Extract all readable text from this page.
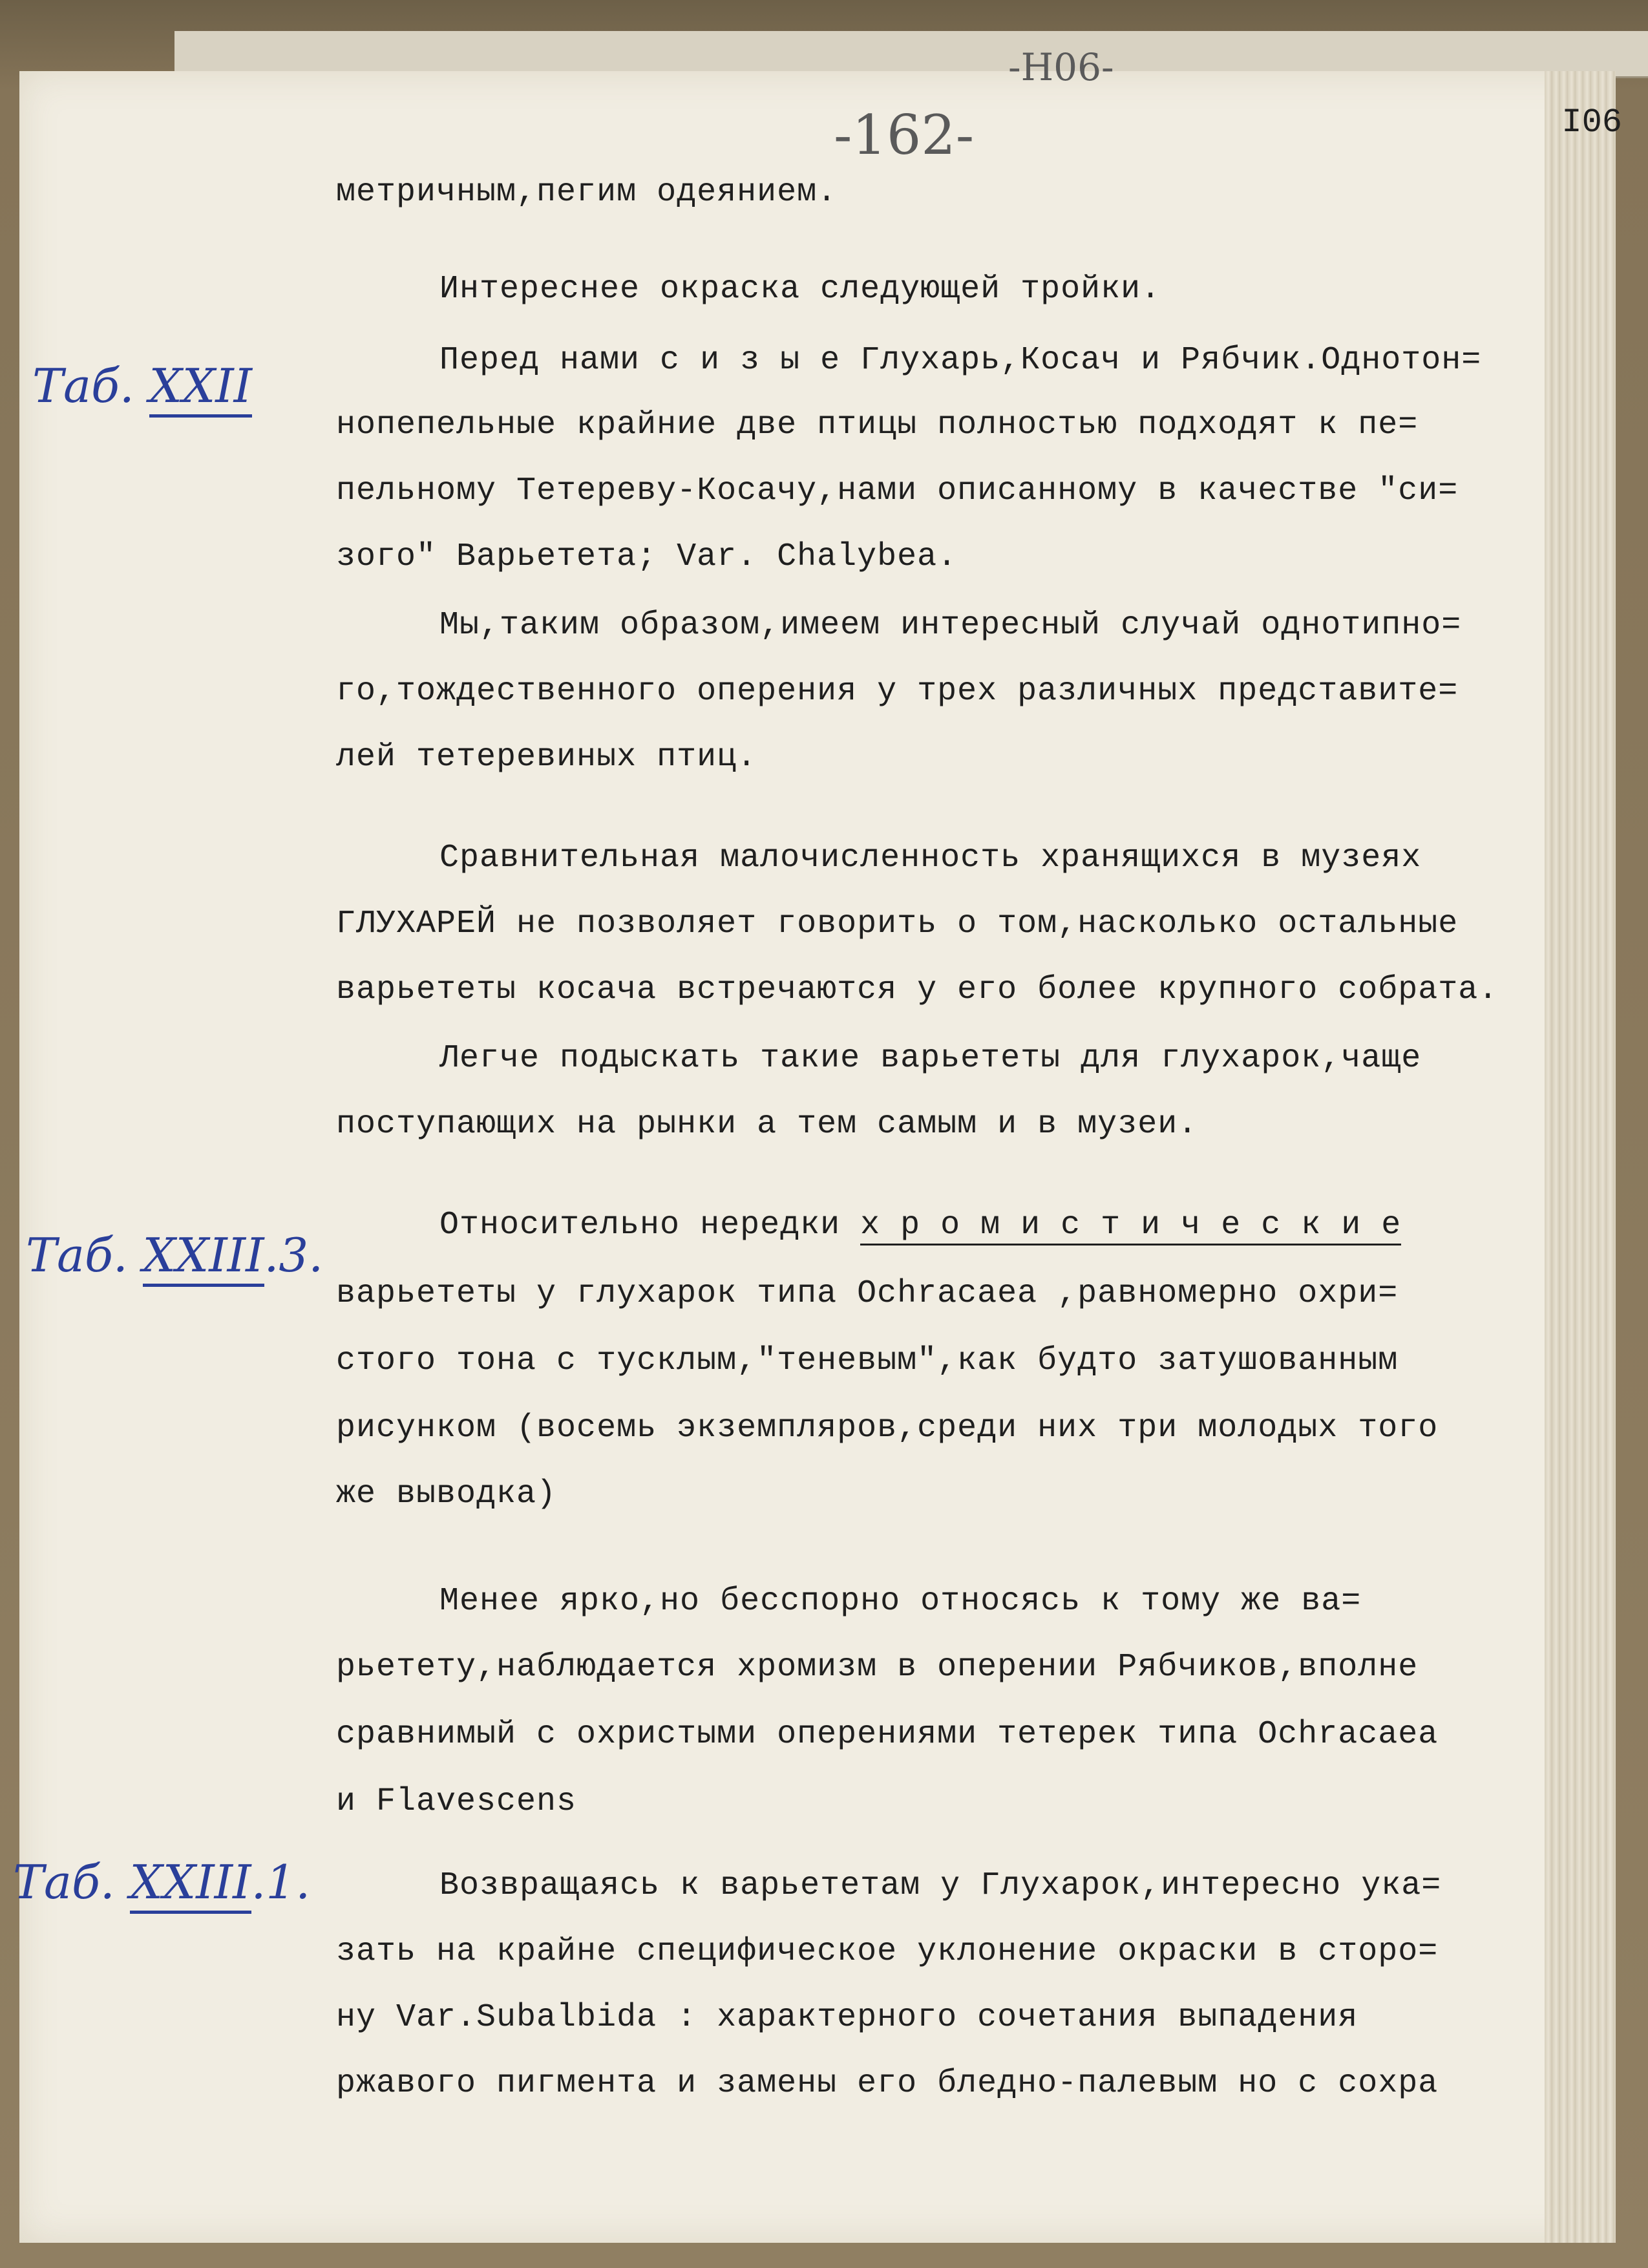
-H06-
-162-	I06
Таб. XXII
Таб. XXIII.3.
Таб. XXIII.1.
метричным,пегим одеянием.
Интереснее окраска следующей тройки.
Перед нами с и з ы е Глухарь,Косач и Рябчик.Однотон=
нопепельные крайние две птицы полностью подходят к пе=
пельному Тетереву-Косачу,нами описанному в качестве "си=
зого" Варьетета; Var. Chalybea.
Мы,таким образом,имеем интересный случай однотипно=
го,тождественного оперения у трех различных представите=
лей тетеревиных птиц.
Сравнительная малочисленность хранящихся в музеях
ГЛУХАРЕЙ не позволяет говорить о том,насколько остальные
варьететы косача встречаются у его более крупного собрата.
Легче подыскать такие варьететы для глухарок,чаще
поступающих на рынки а тем самым и в музеи.
Относительно нередки х р о м и с т и ч е с к и е
варьететы у глухарок типа Ochracaea ,равномерно охри=
стого тона с тусклым,"теневым",как будто затушованным
рисунком (восемь экземпляров,среди них три молодых того
же выводка)
Менее ярко,но бесспорно относясь к тому же ва=
рьетету,наблюдается хромизм в оперении Рябчиков,вполне
сравнимый с охристыми оперениями тетерек типа Ochracaea
и Flavescens
Возвращаясь к варьететам у Глухарок,интересно ука=
зать на крайне специфическое уклонение окраски в сторо=
ну Var.Subalbida : характерного сочетания выпадения
ржавого пигмента и замены его бледно-палевым но с сохра
